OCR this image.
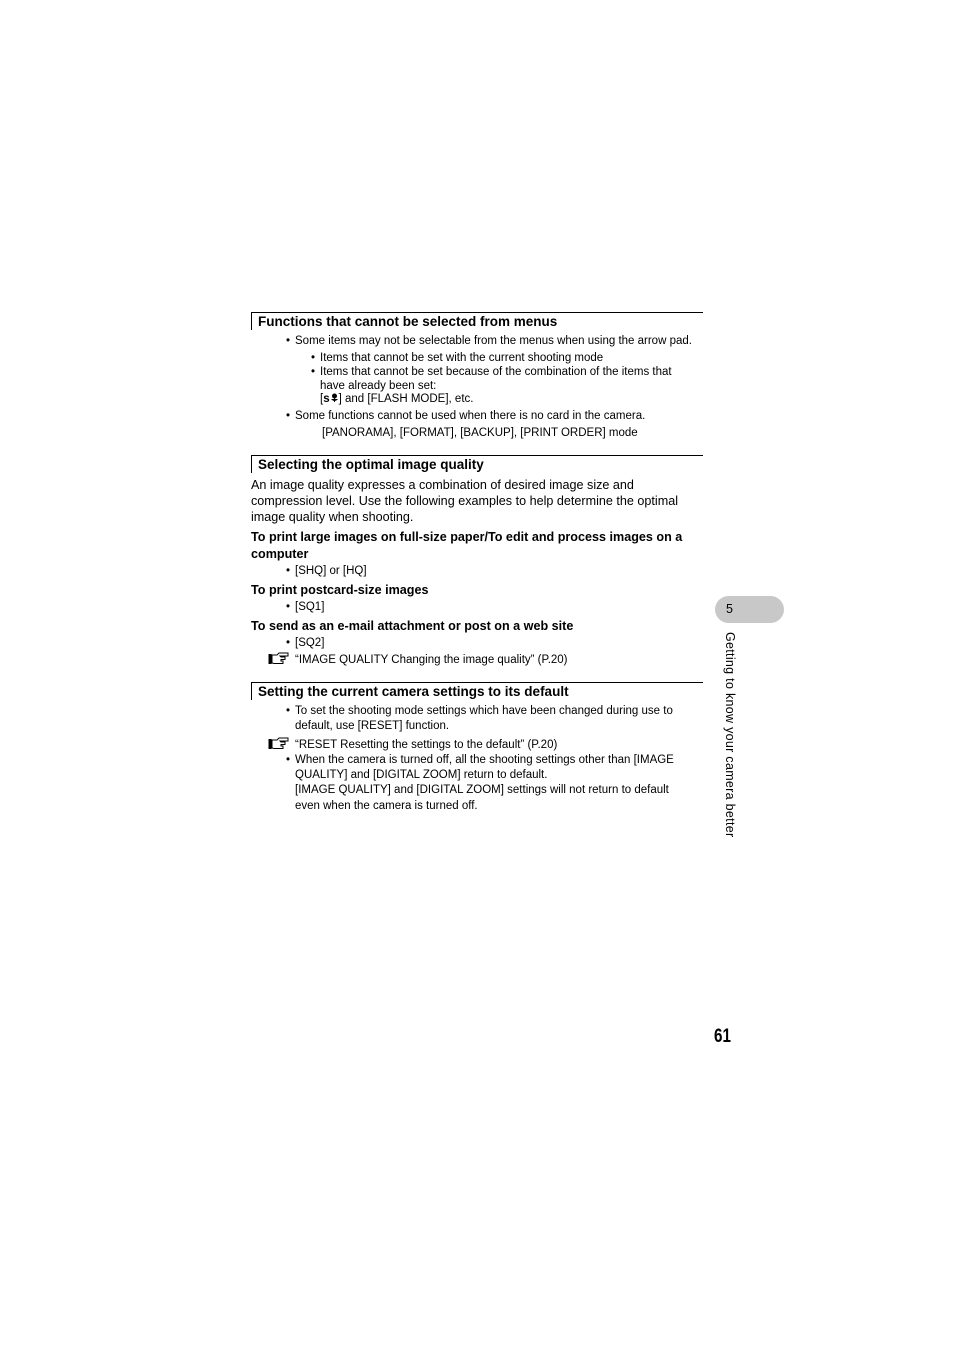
Functions that cannot be selected from menus
• Some items may not be selectable from the menus when using the arrow pad.
• Items that cannot be set with the current shooting mode
• Items that cannot be set because of the combination of the items that
have already been set:
[s ] and [FLASH MODE], etc.
• Some functions cannot be used when there is no card in the camera.
[PANORAMA], [FORMAT], [BACKUP], [PRINT ORDER] mode
Selecting the optimal image quality
An image quality expresses a combination of desired image size and
compression level. Use the following examples to help determine the optimal
image quality when shooting.
To print large images on full-size paper/To edit and process images on a
computer
• [SHQ] or [HQ]
To print postcard-size images
• [SQ1]
To send as an e-mail attachment or post on a web site
• [SQ2]
“IMAGE QUALITY Changing the image quality” (P.20)
Setting the current camera settings to its default
• To set the shooting mode settings which have been changed during use to
default, use [RESET] function.
“RESET Resetting the settings to the default” (P.20)
• When the camera is turned off, all the shooting settings other than [IMAGE
QUALITY] and [DIGITAL ZOOM] return to default.
[IMAGE QUALITY] and [DIGITAL ZOOM] settings will not return to default
even when the camera is turned off.
5
Getting to know your camera better
61
